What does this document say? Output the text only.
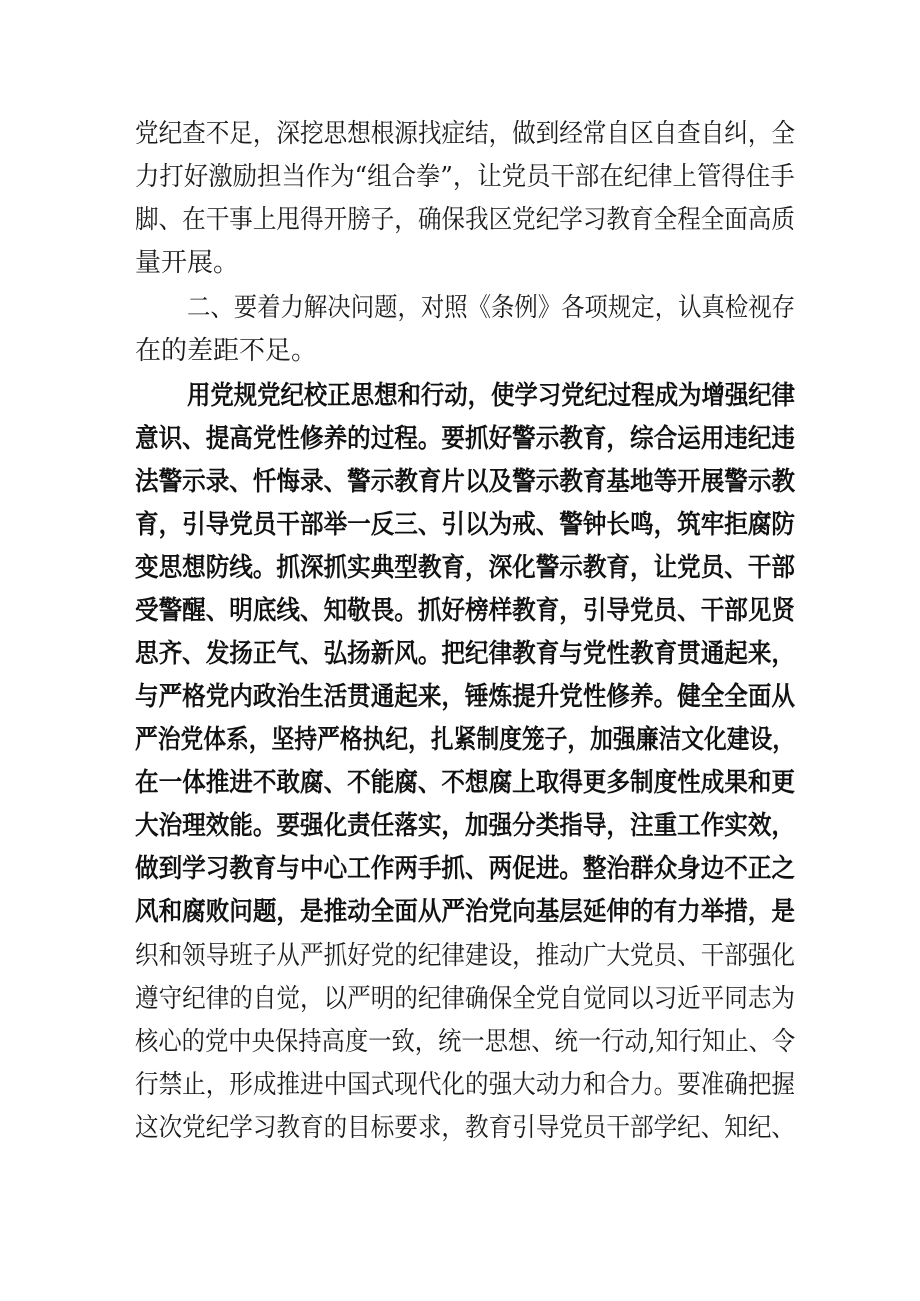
党纪查不足，深挖思想根源找症结，做到经常自区自查自纠，全
力打好激励担当作为“组合拳”，让党员干部在纪律上管得住手
脚、在干事上甩得开膀子，确保我区党纪学习教育全程全面高质
量开展。
二、要着力解决问题，对照《条例》各项规定，认真检视存
在的差距不足。
用党规党纪校正思想和行动，使学习党纪过程成为增强纪律
意识、提高党性修养的过程。要抓好警示教育，综合运用违纪违
法警示录、忏悔录、警示教育片以及警示教育基地等开展警示教
育，引导党员干部举一反三、引以为戒、警钟长鸣，筑牢拒腐防
变思想防线。抓深抓实典型教育，深化警示教育，让党员、干部
受警醒、明底线、知敬畏。抓好榜样教育，引导党员、干部见贤
思齐、发扬正气、弘扬新风。把纪律教育与党性教育贯通起来，
与严格党内政治生活贯通起来，锤炼提升党性修养。健全全面从
严治党体系，坚持严格执纪，扎紧制度笼子，加强廉洁文化建设，
在一体推进不敢腐、不能腐、不想腐上取得更多制度性成果和更
大治理效能。要强化责任落实，加强分类指导，注重工作实效，
做到学习教育与中心工作两手抓、两促进。整治群众身边不正之
风和腐败问题，是推动全面从严治党向基层延伸的有力举措，是
织和领导班子从严抓好党的纪律建设，推动广大党员、干部强化
遵守纪律的自觉，以严明的纪律确保全党自觉同以习近平同志为
核心的党中央保持高度一致，统一思想、统一行动,知行知止、令
行禁止，形成推进中国式现代化的强大动力和合力。要准确把握
这次党纪学习教育的目标要求，教育引导党员干部学纪、知纪、
